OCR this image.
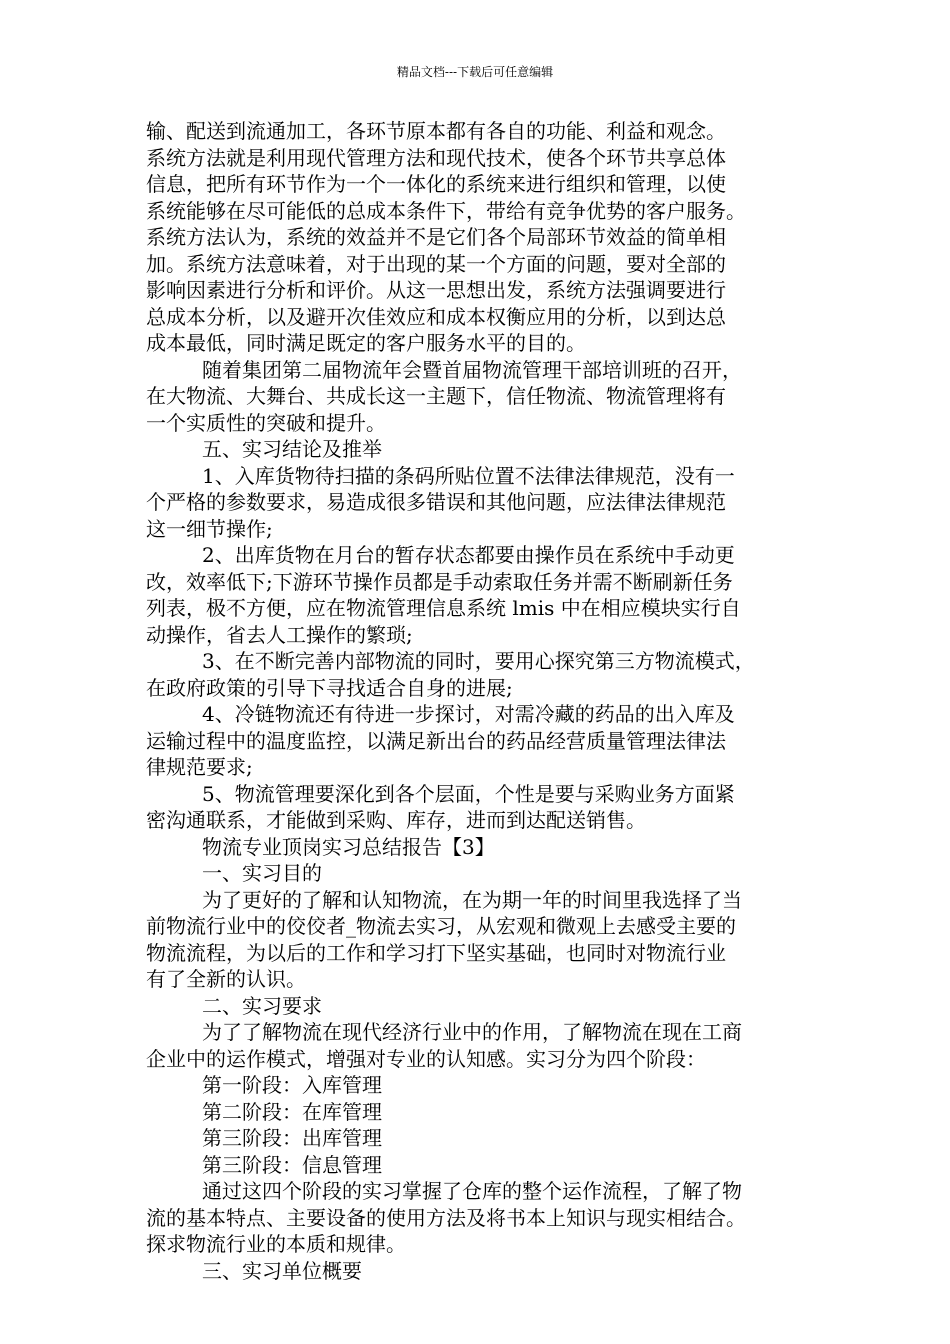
精品文档---下载后可任意编辑
输、配送到流通加工，各环节原本都有各自的功能、利益和观念。
系统方法就是利用现代管理方法和现代技术，使各个环节共享总体
信息，把所有环节作为一个一体化的系统来进行组织和管理，以使
系统能够在尽可能低的总成本条件下，带给有竞争优势的客户服务。
系统方法认为，系统的效益并不是它们各个局部环节效益的简单相
加。系统方法意味着，对于出现的某一个方面的问题，要对全部的
影响因素进行分析和评价。从这一思想出发，系统方法强调要进行
总成本分析，以及避开次佳效应和成本权衡应用的分析，以到达总
成本最低，同时满足既定的客户服务水平的目的。
随着集团第二届物流年会暨首届物流管理干部培训班的召开，
在大物流、大舞台、共成长这一主题下，信任物流、物流管理将有
一个实质性的突破和提升。
五、实习结论及推举
1、入库货物待扫描的条码所贴位置不法律法律规范，没有一
个严格的参数要求，易造成很多错误和其他问题，应法律法律规范
这一细节操作;
2、出库货物在月台的暂存状态都要由操作员在系统中手动更
改，效率低下;下游环节操作员都是手动索取任务并需不断刷新任务
列表，极不方便，应在物流管理信息系统 lmis 中在相应模块实行自
动操作，省去人工操作的繁琐;
3、在不断完善内部物流的同时，要用心探究第三方物流模式，
在政府政策的引导下寻找适合自身的进展;
4、冷链物流还有待进一步探讨，对需冷藏的药品的出入库及
运输过程中的温度监控，以满足新出台的药品经营质量管理法律法
律规范要求;
5、物流管理要深化到各个层面，个性是要与采购业务方面紧
密沟通联系，才能做到采购、库存，进而到达配送销售。
物流专业顶岗实习总结报告【3】
一、实习目的
为了更好的了解和认知物流，在为期一年的时间里我选择了当
前物流行业中的佼佼者_物流去实习，从宏观和微观上去感受主要的
物流流程，为以后的工作和学习打下坚实基础，也同时对物流行业
有了全新的认识。
二、实习要求
为了了解物流在现代经济行业中的作用，了解物流在现在工商
企业中的运作模式，增强对专业的认知感。实习分为四个阶段：
第一阶段：入库管理
第二阶段：在库管理
第三阶段：出库管理
第三阶段：信息管理
通过这四个阶段的实习掌握了仓库的整个运作流程，了解了物
流的基本特点、主要设备的使用方法及将书本上知识与现实相结合。
探求物流行业的本质和规律。
三、实习单位概要
